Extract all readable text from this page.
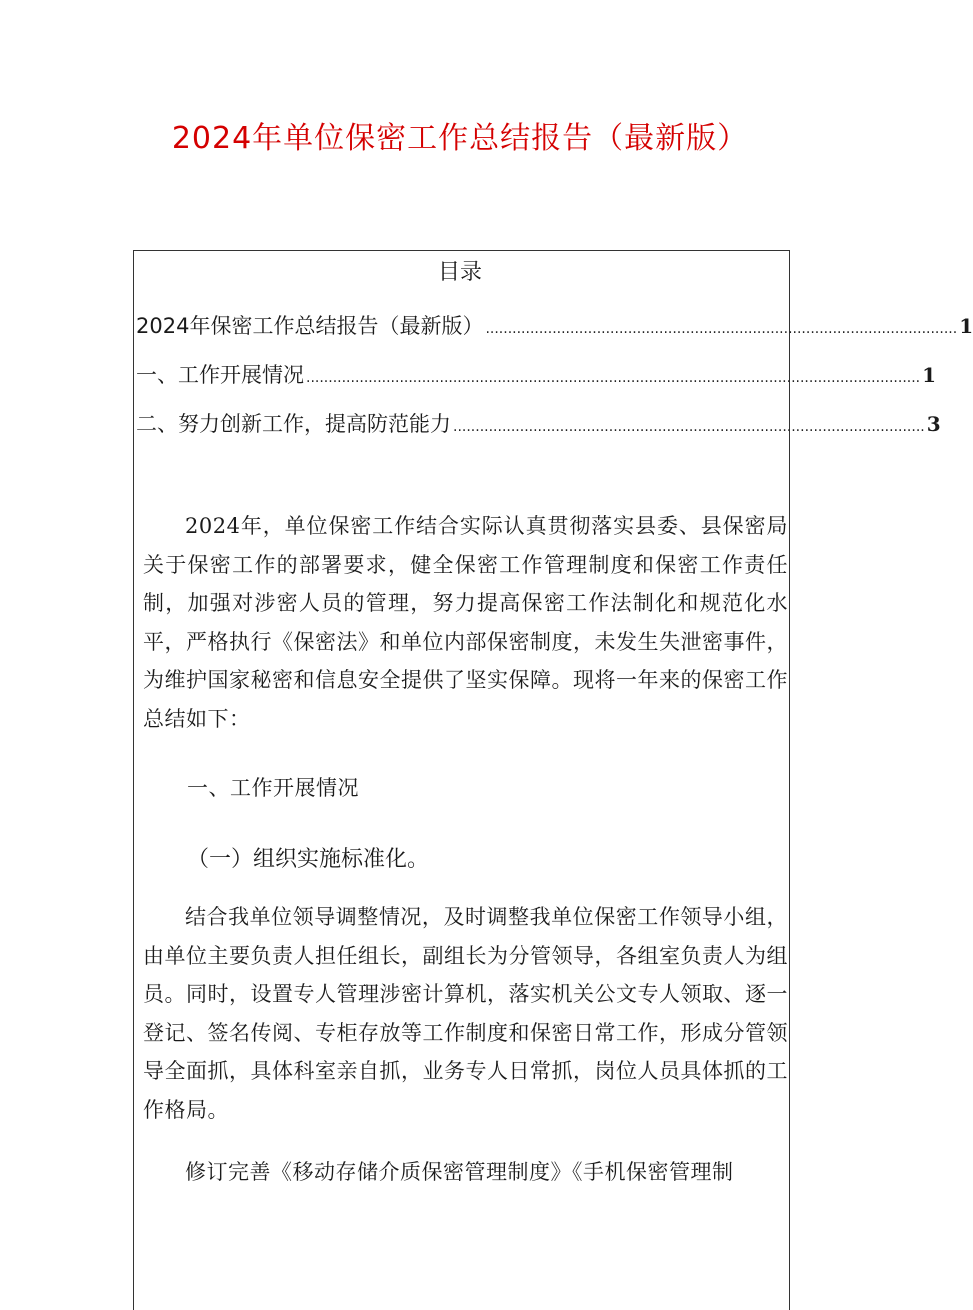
2024年单位保密工作总结报告（最新版）
目录
2024年保密工作总结报告（最新版） .......................................................................................................... 1
一、工作开展情况 .......................................................................................................................................... 1
二、努力创新工作，提高防范能力 .......................................................................................................... 3

2024年，单位保密工作结合实际认真贯彻落实县委、县保密局关于保密工作的部署要求，健全保密工作管理制度和保密工作责任制，加强对涉密人员的管理，努力提高保密工作法制化和规范化水平，严格执行《保密法》和单位内部保密制度，未发生失泄密事件，为维护国家秘密和信息安全提供了坚实保障。现将一年来的保密工作总结如下：

一、工作开展情况
（一）组织实施标准化。

结合我单位领导调整情况，及时调整我单位保密工作领导小组，由单位主要负责人担任组长，副组长为分管领导，各组室负责人为组员。同时，设置专人管理涉密计算机，落实机关公文专人领取、逐一登记、签名传阅、专柜存放等工作制度和保密日常工作，形成分管领导全面抓，具体科室亲自抓，业务专人日常抓，岗位人员具体抓的工作格局。

修订完善《移动存储介质保密管理制度》《手机保密管理制
